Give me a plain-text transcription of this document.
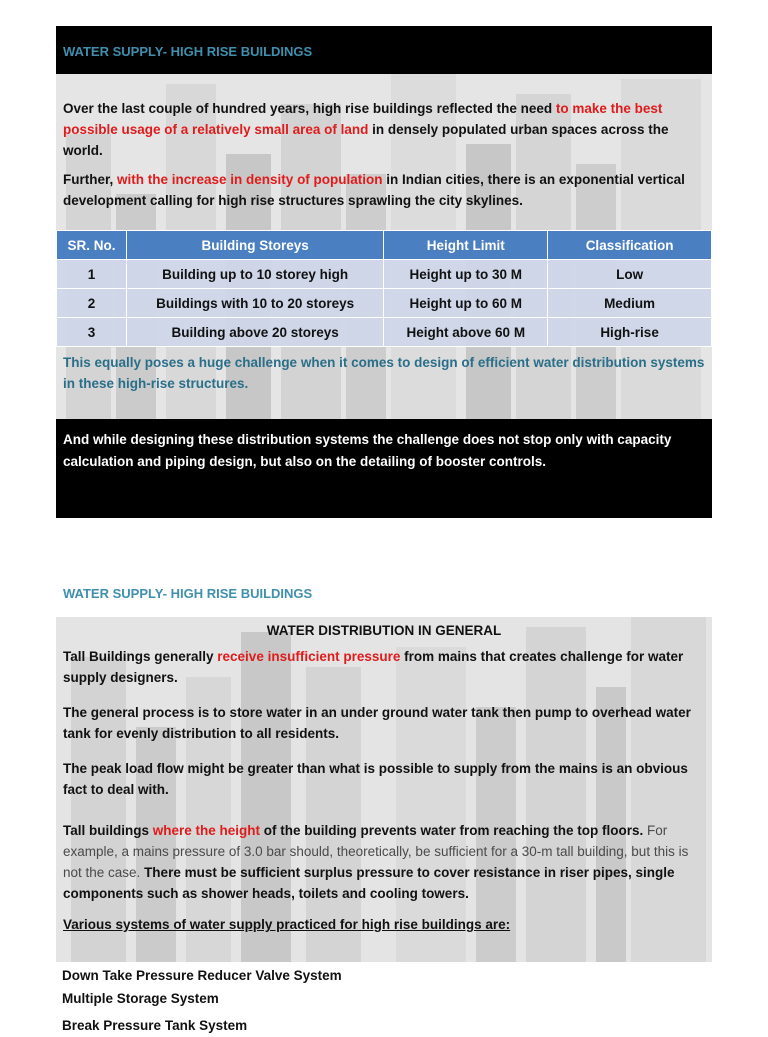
WATER SUPPLY- HIGH RISE BUILDINGS

Over the last couple of hundred years, high rise buildings reflected the need to make the best possible usage of a relatively small area of land in densely populated urban spaces across the world.

Further, with the increase in density of population in Indian cities, there is an exponential vertical development calling for high rise structures sprawling the city skylines.

SR. No.	Building Storeys	Height Limit	Classification
1	Building up to 10 storey high	Height up to 30 M	Low
2	Buildings with 10 to 20 storeys	Height up to 60 M	Medium
3	Building above 20 storeys	Height above 60 M	High-rise

This equally poses a huge challenge when it comes to design of efficient water distribution systems in these high-rise structures.

And while designing these distribution systems the challenge does not stop only with capacity calculation and piping design, but also on the detailing of booster controls.
WATER SUPPLY- HIGH RISE BUILDINGS

WATER DISTRIBUTION IN GENERAL

Tall Buildings generally receive insufficient pressure from mains that creates challenge for water supply designers.

The general process is to store water in an under ground water tank then pump to overhead water tank for evenly distribution to all residents.

The peak load flow might be greater than what is possible to supply from the mains is an obvious fact to deal with.

Tall buildings where the height of the building prevents water from reaching the top floors. For example, a mains pressure of 3.0 bar should, theoretically, be sufficient for a 30-m tall building, but this is not the case. There must be sufficient surplus pressure to cover resistance in riser pipes, single components such as shower heads, toilets and cooling towers.

Various systems of water supply practiced for high rise buildings are:

Down Take Pressure Reducer Valve System
Multiple Storage System
Break Pressure Tank System
